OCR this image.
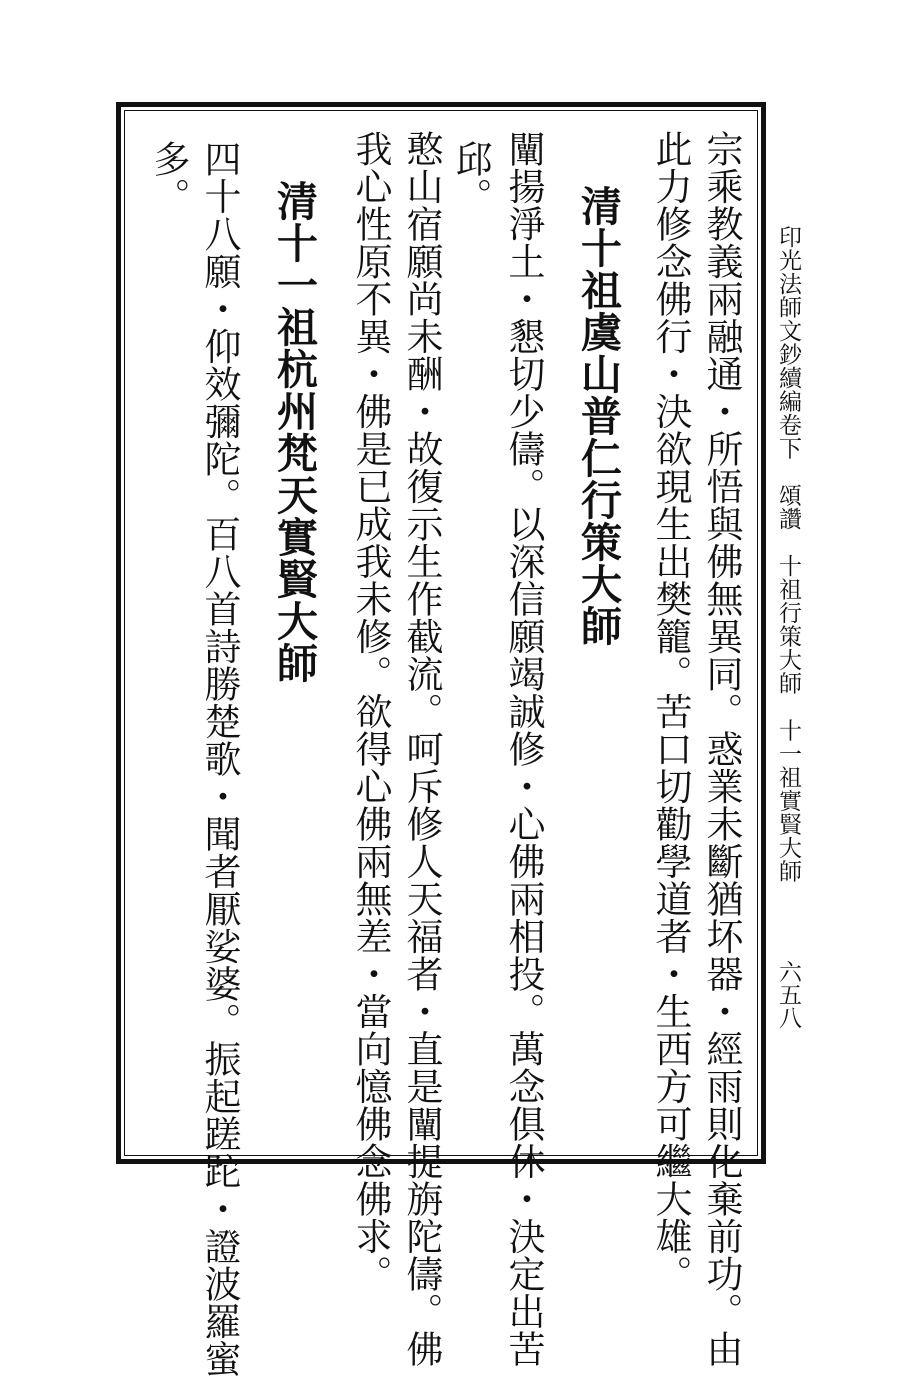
印光法師文鈔續編卷下　頌讚　十祖行策大師　十一祖實賢大師
六五八
宗乘教義兩融通・所悟與佛無異同。惑業未斷猶坏器・經雨則化棄前功。由
此力修念佛行・決欲現生出樊籠。苦口切勸學道者・生西方可繼大雄。
清十祖虞山普仁行策大師
邱。 闡揚淨土・懇切少儔。以深信願竭誠修・心佛兩相投。萬念俱休・決定出苦
憨山宿願尚未酬・故復示生作截流。呵斥修人天福者・直是闡提旃陀儔。佛
我心性原不異・佛是已成我未修。欲得心佛兩無差・當向憶佛念佛求。
清十一祖杭州梵天實賢大師
四十八願・仰效彌陀。百八首詩勝楚歌・聞者厭娑婆。振起蹉跎・證波羅蜜
多。
